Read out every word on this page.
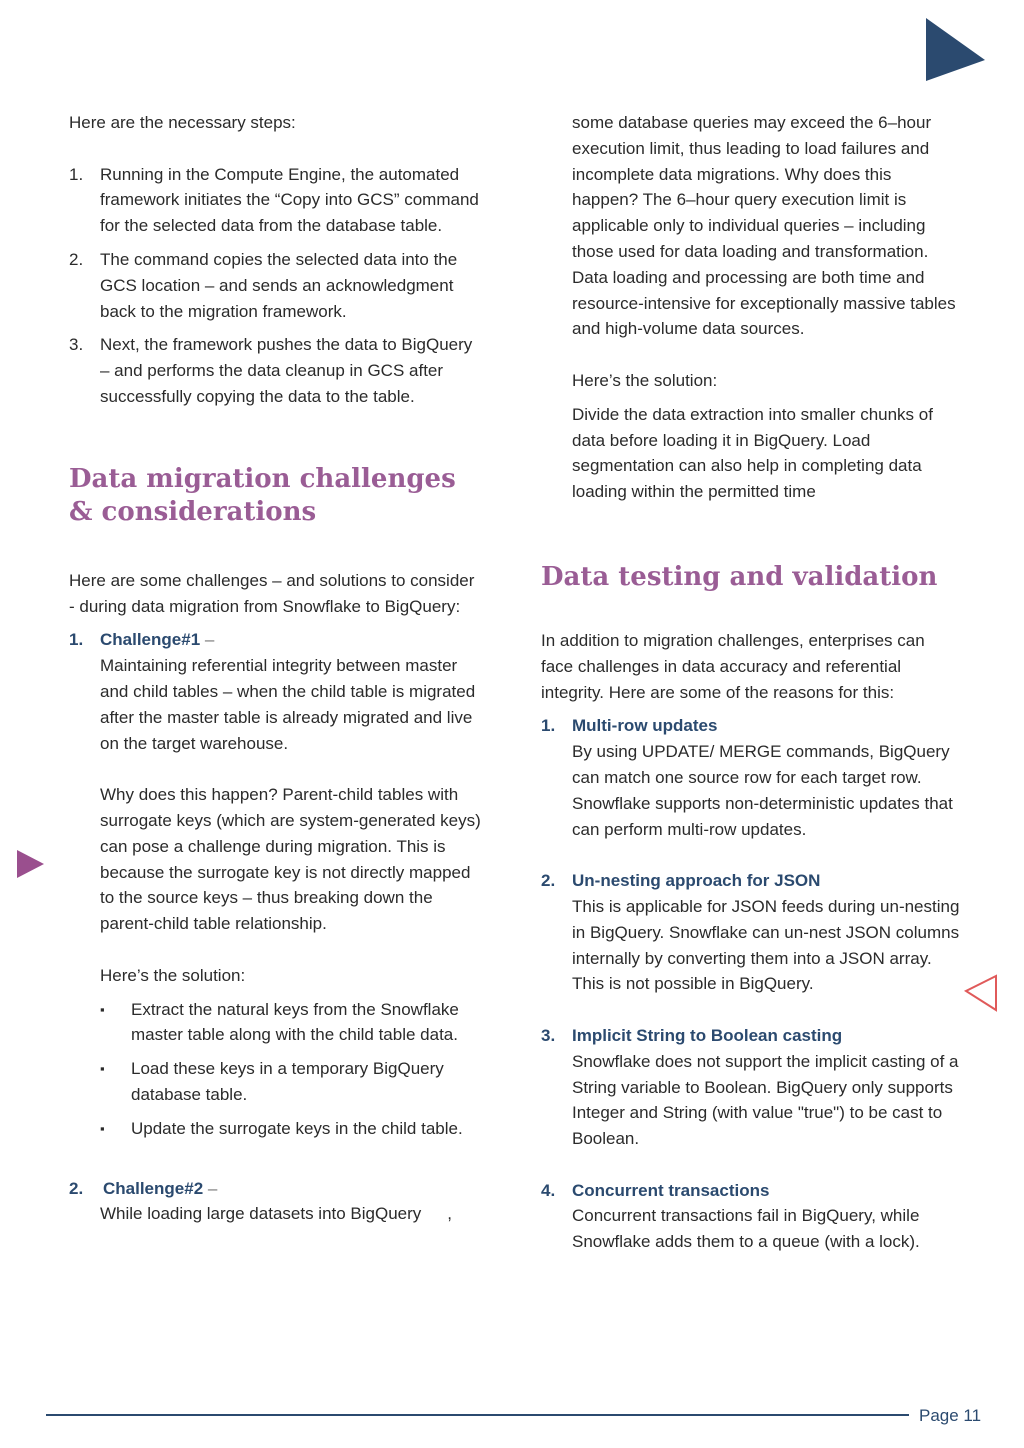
Here are the necessary steps:

1. Running in the Compute Engine, the automated framework initiates the “Copy into GCS” command for the selected data from the database table.
2. The command copies the selected data into the GCS location – and sends an acknowledgment back to the migration framework.
3. Next, the framework pushes the data to BigQuery – and performs the data cleanup in GCS after successfully copying the data to the table.
Data migration challenges & considerations

Here are some challenges – and solutions to consider - during data migration from Snowflake to BigQuery:

1. Challenge#1 –
Maintaining referential integrity between master and child tables – when the child table is migrated after the master table is already migrated and live on the target warehouse.

Why does this happen? Parent-child tables with surrogate keys (which are system-generated keys) can pose a challenge during migration. This is because the surrogate key is not directly mapped to the source keys – thus breaking down the parent-child table relationship.

Here’s the solution:

▪ Extract the natural keys from the Snowflake master table along with the child table data.
▪ Load these keys in a temporary BigQuery database table.
▪ Update the surrogate keys in the child table.
2. Challenge#2 –
While loading large datasets into BigQuery ,

some database queries may exceed the 6–hour execution limit, thus leading to load failures and incomplete data migrations. Why does this happen? The 6–hour query execution limit is applicable only to individual queries – including those used for data loading and transformation. Data loading and processing are both time and resource-intensive for exceptionally massive tables and high-volume data sources.

Here’s the solution:

Divide the data extraction into smaller chunks of data before loading it in BigQuery. Load segmentation can also help in completing data loading within the permitted time

Data testing and validation

In addition to migration challenges, enterprises can face challenges in data accuracy and referential integrity. Here are some of the reasons for this:

1. Multi-row updates
By using UPDATE/ MERGE commands, BigQuery can match one source row for each target row. Snowflake supports non-deterministic updates that can perform multi-row updates.
2. Un-nesting approach for JSON
This is applicable for JSON feeds during un-nesting in BigQuery. Snowflake can un-nest JSON columns internally by converting them into a JSON array. This is not possible in BigQuery.
3. Implicit String to Boolean casting
Snowflake does not support the implicit casting of a String variable to Boolean. BigQuery only supports Integer and String (with value "true") to be cast to Boolean.
4. Concurrent transactions
Concurrent transactions fail in BigQuery, while Snowflake adds them to a queue (with a lock).
Page 11
